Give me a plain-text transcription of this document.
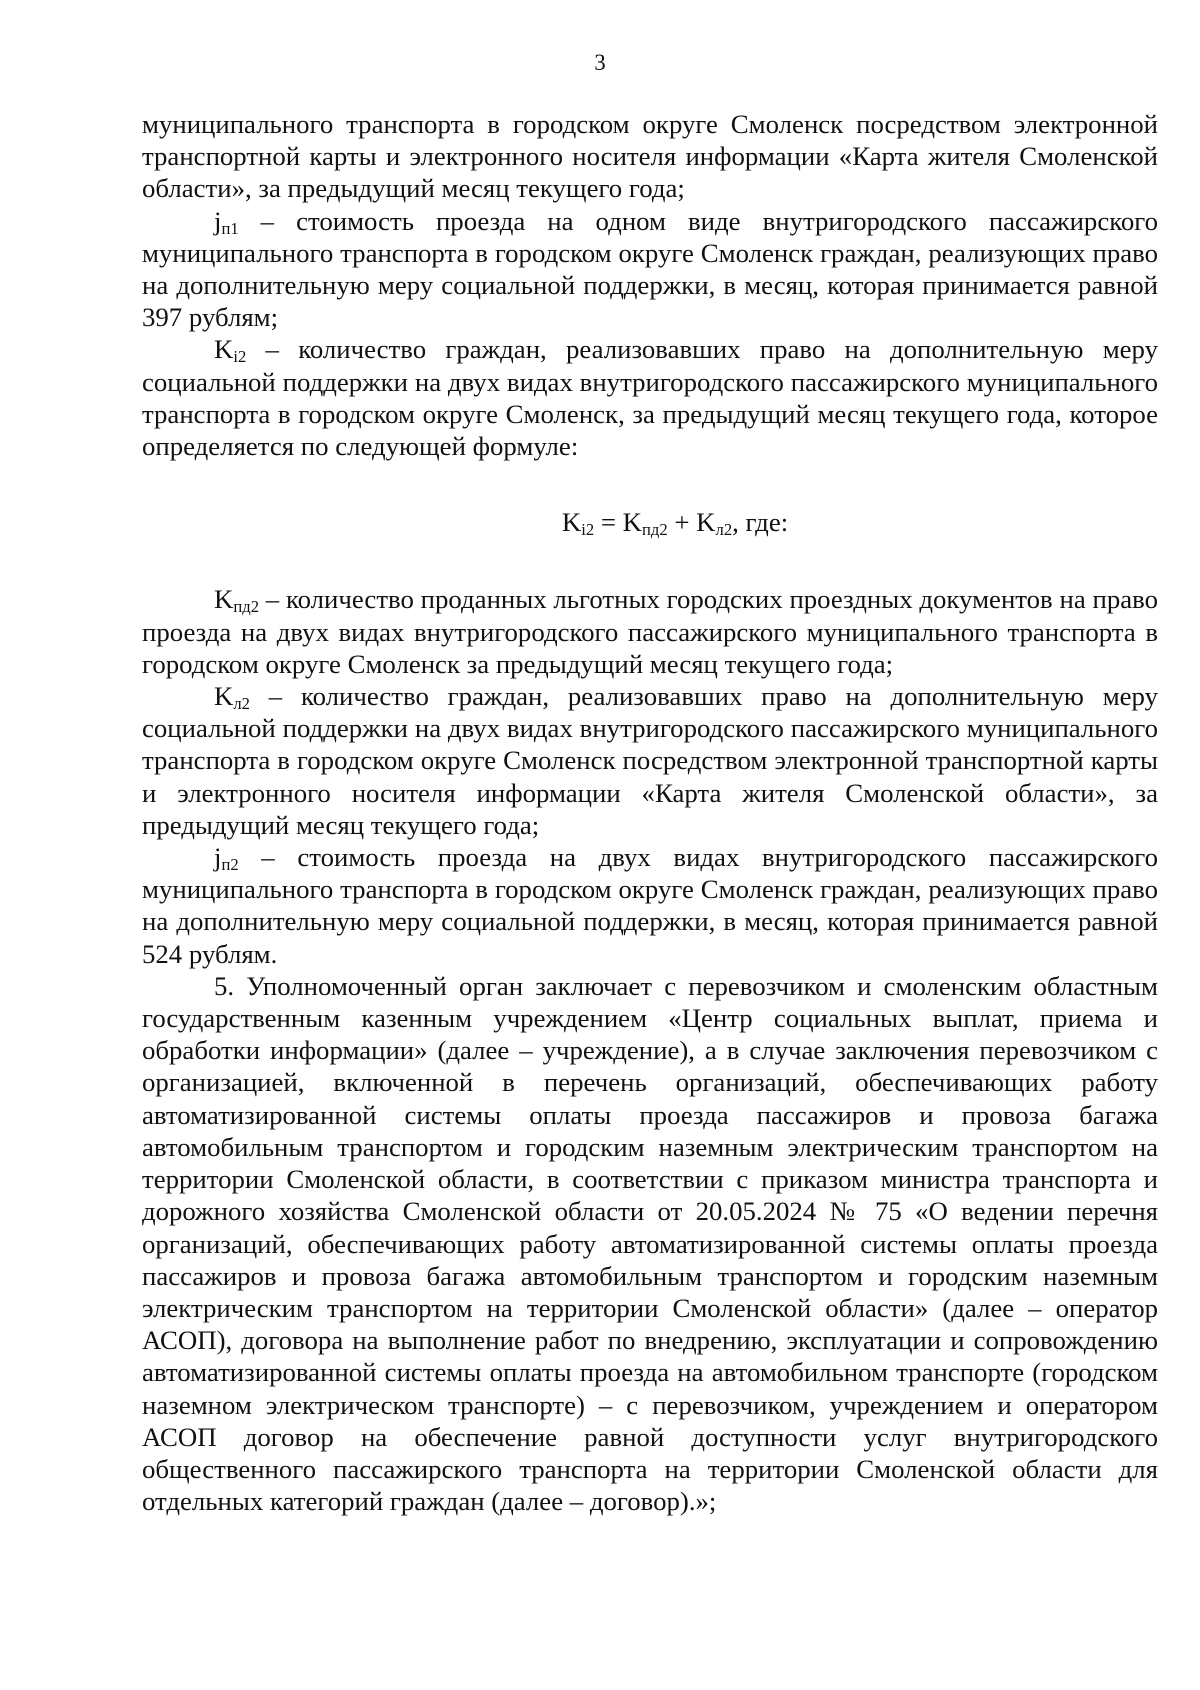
3

муниципального транспорта в городском округе Смоленск посредством электронной транспортной карты и электронного носителя информации «Карта жителя Смоленской области», за предыдущий месяц текущего года;

$j_{п1}$ – стоимость проезда на одном виде внутригородского пассажирского муниципального транспорта в городском округе Смоленск граждан, реализующих право на дополнительную меру социальной поддержки, в месяц, которая принимается равной 397 рублям;

$K_{i2}$ – количество граждан, реализовавших право на дополнительную меру социальной поддержки на двух видах внутригородского пассажирского муниципального транспорта в городском округе Смоленск, за предыдущий месяц текущего года, которое определяется по следующей формуле:

$K_{i2} = K_{пд2} + K_{л2}$, где:

$K_{пд2}$ – количество проданных льготных городских проездных документов на право проезда на двух видах внутригородского пассажирского муниципального транспорта в городском округе Смоленск за предыдущий месяц текущего года;

$K_{л2}$ – количество граждан, реализовавших право на дополнительную меру социальной поддержки на двух видах внутригородского пассажирского муниципального транспорта в городском округе Смоленск посредством электронной транспортной карты и электронного носителя информации «Карта жителя Смоленской области», за предыдущий месяц текущего года;

$j_{п2}$ – стоимость проезда на двух видах внутригородского пассажирского муниципального транспорта в городском округе Смоленск граждан, реализующих право на дополнительную меру социальной поддержки, в месяц, которая принимается равной 524 рублям.

5. Уполномоченный орган заключает с перевозчиком и смоленским областным государственным казенным учреждением «Центр социальных выплат, приема и обработки информации» (далее – учреждение), а в случае заключения перевозчиком с организацией, включенной в перечень организаций, обеспечивающих работу автоматизированной системы оплаты проезда пассажиров и провоза багажа автомобильным транспортом и городским наземным электрическим транспортом на территории Смоленской области, в соответствии с приказом министра транспорта и дорожного хозяйства Смоленской области от 20.05.2024 № 75 «О ведении перечня организаций, обеспечивающих работу автоматизированной системы оплаты проезда пассажиров и провоза багажа автомобильным транспортом и городским наземным электрическим транспортом на территории Смоленской области» (далее – оператор АСОП), договора на выполнение работ по внедрению, эксплуатации и сопровождению автоматизированной системы оплаты проезда на автомобильном транспорте (городском наземном электрическом транспорте) – с перевозчиком, учреждением и оператором АСОП договор на обеспечение равной доступности услуг внутригородского общественного пассажирского транспорта на территории Смоленской области для отдельных категорий граждан (далее – договор).»;
